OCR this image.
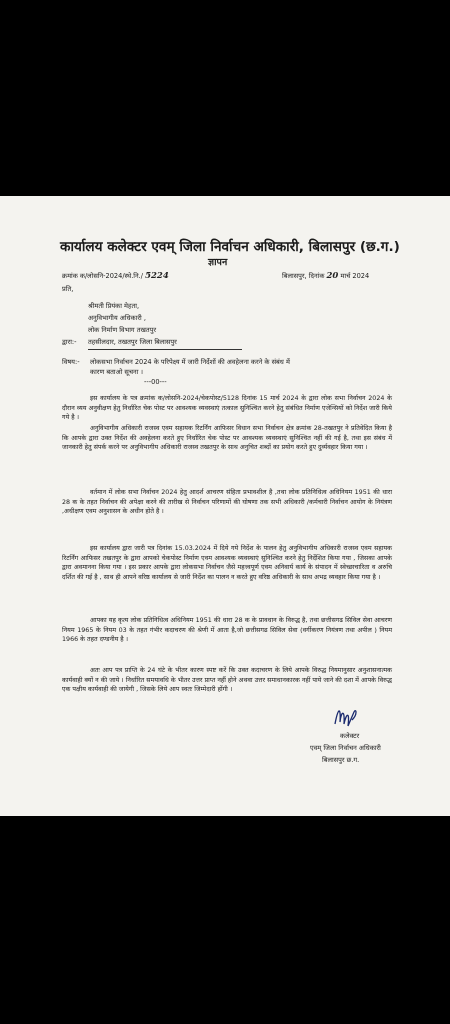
कार्यालय कलेक्टर एवम् जिला निर्वाचन अधिकारी, बिलासपुर (छ.ग.)
ज्ञापन
क्रमांक क/लोसनि-2024/स्थे.नि./ 5224	बिलासपुर, दिनांक 20 मार्च 2024
प्रति,
श्रीमती प्रियंका मेहता,
अनुविभागीय अधिकारी ,
लोक निर्माण विभाग तखतपुर
द्वारा:- तहसीलदार, तखतपुर जिला बिलासपुर
विषय:- लोकसभा निर्वाचन 2024 के परिपेक्ष्य में जारी निर्देशों की अवहेलना करने के संबंध में
कारण बताओ सूचना ।
---00---
इस कार्यालय के पत्र क्रमांक क/लोसनि-2024/चेकपोस्ट/5128 दिनांक 15 मार्च 2024 के द्वारा लोक सभा निर्वाचन 2024 के दौरान व्यय अनुवीक्षण हेतु निर्धारित चेक पोस्ट पर आवश्यक व्यवस्थाएं तत्काल सुनिश्चित करने हेतु संबंधित निर्माण एजेन्सियों को निर्देश जारी किये गये है ।
अनुविभागीय अधिकारी राजस्व एवम सहायक रिटर्निंग आफिसर विधान सभा निर्वाचन क्षेत्र क्रमांक 28-तखतपुर ने प्रतिवेदित किया है कि आपके द्वारा उक्त निर्देश की अवहेलना करते हुए निर्धारित चेक पोस्ट पर आवश्यक व्यवस्थाएं सुनिश्चित नहीं की गई है, तथा इस संबंध में जानकारी हेतु संपर्क करने पर अनुविभागीय अधिकारी राजस्व तखतपुर के साथ अनुचित शब्दों का प्रयोग करते हुए दुर्व्यवहार किया गया ।
वर्तमान में लोक सभा निर्वाचन 2024 हेतु आदर्श आचरण संहिता प्रभावशील है ,तथा लोक प्रतिनिधित्व अधिनियम 1951 की धारा 28 क के तहत निर्वाचन की अपेक्षा करने की तारीख से निर्वाचन परिणामों की घोषणा तक सभी अधिकारी /कर्मचारी निर्वाचन आयोग के नियंत्रण ,अधीक्षण एवम अनुशासन के अधीन होते है ।
इस कार्यालय द्वारा जारी पत्र दिनांक 15.03.2024 में दिये गये निर्देश के पालन हेतु अनुविभागीय अधिकारी राजस्व एवम सहायक रिटर्निंग आफिसर तखतपुर के द्वारा आपको चेकपोस्ट निर्माण एवम आवश्यक व्यवस्थाएं सुनिश्चित करने हेतु निर्देशित किया गया , जिसका आपके द्वारा अवमानना किया गया । इस प्रकार आपके द्वारा लोकसभा निर्वाचन जैसे महत्त्वपूर्ण एवम अनिवार्य कार्य के संपादन में स्वेच्छाचारिता व अरुचि दर्शित की गई है , साथ ही आपने वरिष्ठ कार्यालय से जारी निर्देश का पालन न करते हुए वरिष्ठ अधिकारी के साथ अभद्र व्यवहार किया गया है ।
आपका यह कृत्य लोक प्रतिनिधित्व अधिनियम 1951 की धारा 28 क के प्रावधान के विरुद्ध है, तथा छत्तीसगढ सिविल सेवा आचरण नियम 1965 के नियम 03 के तहत गंभीर कदाचरण की श्रेणी में आता है,जो छत्तीसगढ सिविल सेवा (वर्गीकरण नियंत्रण तथा अपील ) नियम 1966 के तहत दण्डनीय है ।
अतः आप पत्र प्राप्ति के 24 घंटे के भीतर कारण स्पष्ट करें कि उक्त कदाचरण के लिये आपके विरुद्ध नियमानुसार अनुशासनात्मक कार्यवाही क्यों न की जाये । निर्धारित समयावधि के भीतर उत्तर प्राप्त नहीं होने अथवा उत्तर समाधानकारक नहीं पाये जाने की दशा में आपके विरुद्ध एक पक्षीय कार्यवाही की जायेगी , जिसके लिये आप स्वतः जिम्मेदारी होंगी ।
कलेक्टर
एवम् जिला निर्वाचन अधिकारी
बिलासपुर छ.ग.
